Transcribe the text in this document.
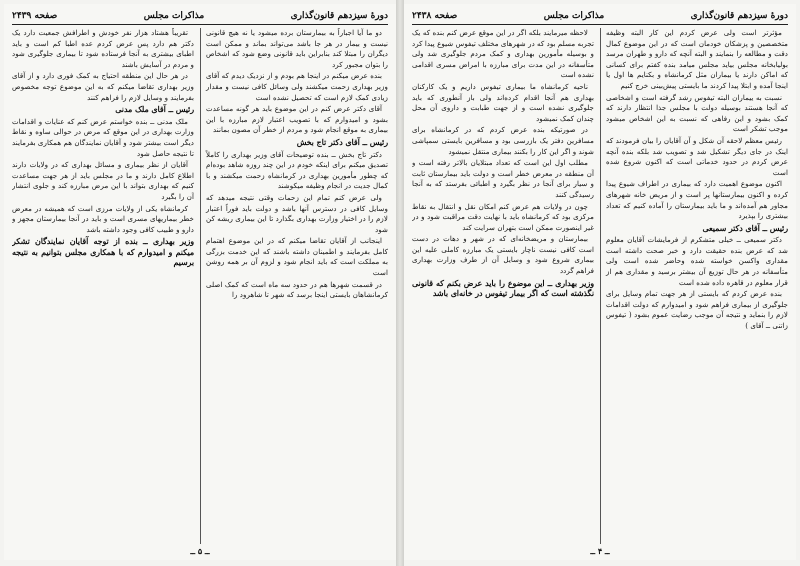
دورهٔ سیزدهم قانون‌گذاری
مذاکرات مجلس
صفحه ۲۴۳۹

دو ما آیا اجباراً به بیمارستان برده میشود یا نه هیچ قانونی نیست و بیمار در هر جا باشد می‌تواند بماند و ممکن است دیگران را مبتلا کند بنابراین باید قانونی وضع شود که اشخاص را بتوان مجبور کرد

بنده عرض میکنم در اینجا هم بودم و از نزدیک دیدم که آقای وزیر بهداری زحمت میکشند ولی وسائل کافی نیست و مقدار زیادی کمک لازم است که تحصیل نشده است

آقای دکتر عرض کنم در این موضوع باید هر گونه مساعدت بشود و امیدوارم که با تصویب اعتبار لازم مبارزه با این بیماری به موقع انجام شود و مردم از خطر آن مصون بمانند

رئیس ــ آقای دکتر تاج بخش

دکتر تاج بخش ــ بنده توضیحات آقای وزیر بهداری را کاملاً تصدیق میکنم برای اینکه خودم در این چند روزه شاهد بوده‌ام که چطور مأمورین بهداری در کرمانشاه زحمت میکشند و با کمال جدیت در انجام وظیفه میکوشند

ولی عرض کنم تمام این زحمات وقتی نتیجه میدهد که وسایل کافی در دسترس آنها باشد و دولت باید فوراً اعتبار لازم را در اختیار وزارت بهداری بگذارد تا این بیماری ریشه کن شود

اینجانب از آقایان تقاضا میکنم که در این موضوع اهتمام کامل بفرمایند و اطمینان داشته باشند که این خدمت بزرگی به مملکت است که باید انجام شود و لزوم آن بر همه روشن است

در قسمت شهرها هم در حدود سه ماه است که کمک اصلی کرمانشاهان بایستی اینجا برسد که شهر تا شاهرود را

تقریباً هشتاد هزار نفر خودش و اطرافش جمعیت دارد یک دکتر هم دارد پس عرض کردم عده اطبا کم است و باید اطبای بیشتری به آنجا فرستاده شود تا بیماری جلوگیری شود و مردم در آسایش باشند

در هر حال این منطقه احتیاج به کمک فوری دارد و از آقای وزیر بهداری تقاضا میکنم که به این موضوع توجه مخصوص بفرمایند و وسایل لازم را فراهم کنند

رئیس ــ آقای ملک مدنی

ملک مدنی ــ بنده خواستم عرض کنم که عنایات و اقدامات وزارت بهداری در این موقع که مرض در حوالی ساوه و نقاط دیگر است بیشتر شود و آقایان نمایندگان هم همکاری بفرمایند تا نتیجه حاصل شود

آقایان از نظر بیماری و مسائل بهداری که در ولایات دارند اطلاع کامل دارند و ما در مجلس باید از هر جهت مساعدت کنیم که بهداری بتواند با این مرض مبارزه کند و جلوی انتشار آن را بگیرد

کرمانشاه یکی از ولایات مرزی است که همیشه در معرض خطر بیماریهای مسری است و باید در آنجا بیمارستان مجهز و دارو و طبیب کافی وجود داشته باشد

وزیر بهداری ــ بنده از توجه آقایان نمایندگان تشکر میکنم و امیدوارم که با همکاری مجلس بتوانیم به نتیجه برسیم
ــ ۵ ــ
دورهٔ سیزدهم قانون‌گذاری
مذاکرات مجلس
صفحه ۲۴۳۸

مؤثرتر است ولی عرض کردم این کار البته وظیفه متخصصین و پزشکان خودمان است که در این موضوع کمال دقت و مطالعه را بنمایند و البته آنچه که دارو و طهران مرسد بولیابخانه مجلس بیاید مجلس میامد بنده کفتم برای کسانی که اماکن دارند یا بیماران مثل کرمانشاه و بکنایم ها اول یا اینجا آمده و ابتلا پیدا کردند ما بایستی پیش‌بینی خرج کنیم

نسبت به ییماران البته تیفوس رشد گرفته است و اشخاصی که آنجا هستند بوسیله دولت با مجلس جذا انتظار دارند که کمک بشود و این رفاهی که نسبت به این اشخاص میشود موجب تشکر است

رئیس معظم لاحقه آن شکل و آن آقایان را بیان فرمودند که اینک در جای دیگر تشکیل شد و تصویب شد بلکه بنده آنچه عرض کردم در حدود خدماتی است که اکنون شروع شده است

اکنون موضوع اهمیت دارد که بیماری در اطراف شیوع پیدا کرده و اکنون بیمارستانها پر است و از مریض خانه شهرهای مجاور هم آمده‌اند و ما باید بیمارستان را آماده کنیم که تعداد بیشتری را بپذیرد

رئیس ــ آقای دکتر سمیعی

دکتر سمیعی ــ خیلی متشکرم از فرمایشات آقایان معلوم شد که عرض بنده حقیقت دارد و خبر صحت داشته است مقداری واکسن خواسته شده وحاضر شده است ولی متأسفانه در هر حال توزیع آن بیشتر برسید و مقداری هم از قرار معلوم در قاهره داده شده است

بنده عرض کردم که بایستی از هر جهت تمام وسایل برای جلوگیری از بیماری فراهم شود و امیدوارم که دولت اقدامات لازم را بنماید و نتیجه آن موجب رضایت عموم بشود ( تیفوس زاتنی ــ آقای )

لاحظه میرمایند بلکه اگر در این موقع عرض کنم بنده که یک تجربه مسلم بود که در شهرهای مختلف تیفوس شیوع پیدا کرد و بوسیله مأمورین بهداری و کمک مردم جلوگیری شد ولی متأسفانه در این مدت برای مبارزه با امراض مسری اقدامی نشده است

ناحیه کرمانشاه ما بیماری تیفوس داریم و یک کارکنان بهداری هم آنجا اقدام کرده‌اند ولی باز آنطوری که باید جلوگیری نشده است و از جهت طبابت و داروی آن محل چندان کمک نمیشود

در صورتیکه بنده عرض کردم که در کرمانشاه برای مسافرین دفتر یک بازرسی بود و مسافرین بایستی سمپاشی شوند و اگر این کار را بکنند بیماری منتقل نمیشود

مطلب اول این است که تعداد مبتلایان بالاتر رفته است و آن منطقه در معرض خطر است و دولت باید بیمارستان ثابت و سیار برای آنجا در نظر بگیرد و اطبائی بفرستد که به آنجا رسیدگی کنند

چون در ولایات هم عرض کنم امکان نقل و انتقال به نقاط مرکزی بود که کرمانشاه باید با نهایت دقت مراقبت شود و در غیر اینصورت ممکن است بتهران سرایت کند

بیمارستان و مریضخانه‌ای که در شهر و دهات در دست است کافی نیست ناچار بایستی یک مبارزه کاملی علیه این بیماری شروع شود و وسایل آن از طرف وزارت بهداری فراهم گردد

وزیر بهداری ــ این موضوع را باید عرض بکنم که قانونی نگذشته است که اگر بیمار تیفوس در خانه‌ای باشد
ــ ۴ ــ
